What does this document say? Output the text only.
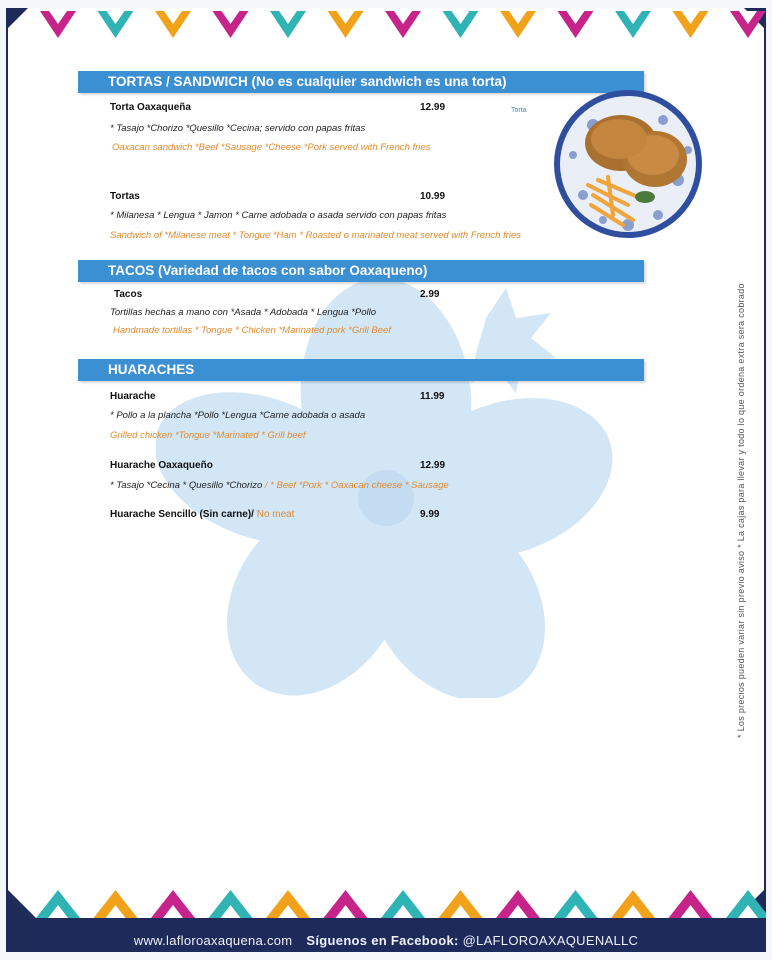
TORTAS / SANDWICH (No es cualquier sandwich es una torta)
Torta Oaxaqueña	12.99
* Tasajo *Chorizo *Quesillo *Cecina; servido con papas fritas
Oaxacan sandwich *Beef *Sausage *Cheese *Pork served with French fries
Torta
Tortas	10.99
* Milanesa * Lengua * Jamon * Carne adobada o asada servido con papas fritas
Sandwich of *Milanese meat * Tongue *Ham * Roasted o marinated meat served with French fries
TACOS (Variedad de tacos con sabor Oaxaqueno)
Tacos	2.99
Tortillas hechas a mano con *Asada * Adobada * Lengua *Pollo
Handmade tortillas * Tongue * Chicken *Marinated pork *Grill Beef
HUARACHES
Huarache	11.99
* Pollo a la plancha *Pollo *Lengua *Carne adobada o asada
Grilled chicken *Tongue *Marinated * Grill beef
Huarache Oaxaqueño	12.99
* Tasajo *Cecina * Quesillo *Chorizo / * Beef *Pork * Oaxacan cheese * Sausage
Huarache Sencillo (Sin carne)/ No meat	9.99	* Los precios pueden variar sin previo aviso * La cajas para llevar y todo lo que ordena extra sera cobrado
www.lafloroaxaquena.com Síguenos en Facebook: @LAFLOROAXAQUENALLC
